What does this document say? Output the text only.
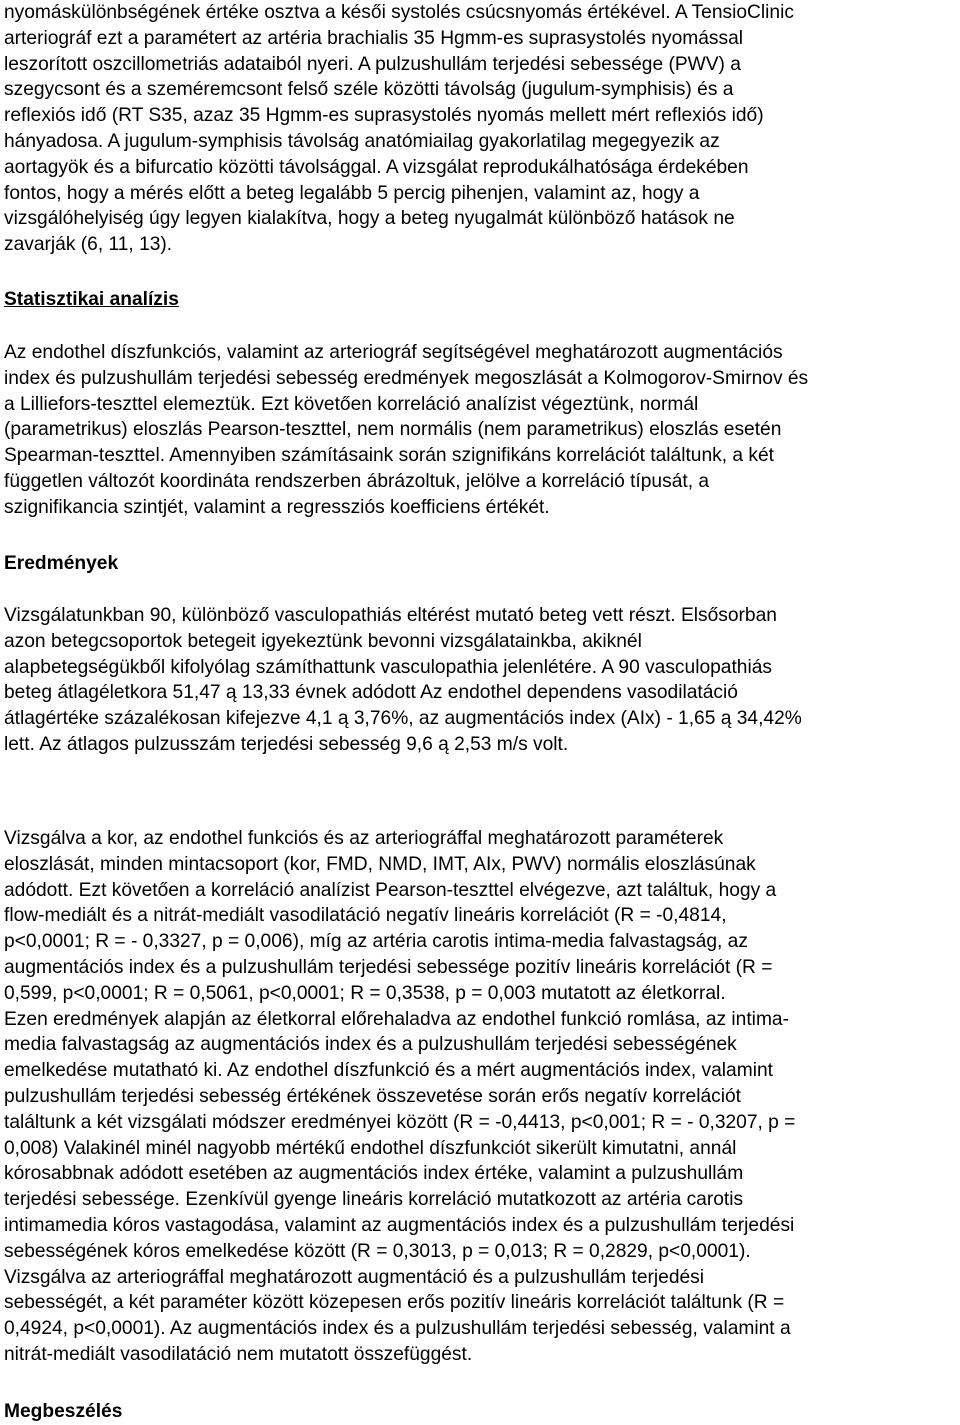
nyomáskülönbségének értéke osztva a késői systolés csúcsnyomás értékével. A TensioClinic
arteriográf ezt a paramétert az artéria brachialis 35 Hgmm-es suprasystolés nyomással
leszorított oszcillometriás adataiból nyeri. A pulzushullám terjedési sebessége (PWV) a
szegycsont és a szeméremcsont felső széle közötti távolság (jugulum-symphisis) és a
reflexiós idő (RT S35, azaz 35 Hgmm-es suprasystolés nyomás mellett mért reflexiós idő)
hányadosa. A jugulum-symphisis távolság anatómiailag gyakorlatilag megegyezik az
aortagyök és a bifurcatio közötti távolsággal. A vizsgálat reprodukálhatósága érdekében
fontos, hogy a mérés előtt a beteg legalább 5 percig pihenjen, valamint az, hogy a
vizsgálóhelyiség úgy legyen kialakítva, hogy a beteg nyugalmát különböző hatások ne
zavarják (6, 11, 13).
Statisztikai analízis
Az endothel díszfunkciós, valamint az arteriográf segítségével meghatározott augmentációs
index és pulzushullám terjedési sebesség eredmények megoszlását a Kolmogorov-Smirnov és
a Lilliefors-teszttel elemeztük. Ezt követően korreláció analízist végeztünk, normál
(parametrikus) eloszlás Pearson-teszttel, nem normális (nem parametrikus) eloszlás esetén
Spearman-teszttel. Amennyiben számításaink során szignifikáns korrelációt találtunk, a két
független változót koordináta rendszerben ábrázoltuk, jelölve a korreláció típusát, a
szignifikancia szintjét, valamint a regressziós koefficiens értékét.
Eredmények
Vizsgálatunkban 90, különböző vasculopathiás eltérést mutató beteg vett részt. Elsősorban
azon betegcsoportok betegeit igyekeztünk bevonni vizsgálatainkba, akiknél
alapbetegségükből kifolyólag számíthattunk vasculopathia jelenlétére. A 90 vasculopathiás
beteg átlagéletkora 51,47 ą 13,33 évnek adódott Az endothel dependens vasodilatáció
átlagértéke százalékosan kifejezve 4,1 ą 3,76%, az augmentációs index (AIx) - 1,65 ą 34,42%
lett. Az átlagos pulzusszám terjedési sebesség 9,6 ą 2,53 m/s volt.
Vizsgálva a kor, az endothel funkciós és az arteriográffal meghatározott paraméterek
eloszlását, minden mintacsoport (kor, FMD, NMD, IMT, AIx, PWV) normális eloszlásúnak
adódott. Ezt követően a korreláció analízist Pearson-teszttel elvégezve, azt találtuk, hogy a
flow-mediált és a nitrát-mediált vasodilatáció negatív lineáris korrelációt (R = -0,4814,
p<0,0001; R = - 0,3327, p = 0,006), míg az artéria carotis intima-media falvastagság, az
augmentációs index és a pulzushullám terjedési sebessége pozitív lineáris korrelációt (R =
0,599, p<0,0001; R = 0,5061, p<0,0001; R = 0,3538, p = 0,003 mutatott az életkorral.
Ezen eredmények alapján az életkorral előrehaladva az endothel funkció romlása, az intima-
media falvastagság az augmentációs index és a pulzushullám terjedési sebességének
emelkedése mutatható ki. Az endothel díszfunkció és a mért augmentációs index, valamint
pulzushullám terjedési sebesség értékének összevetése során erős negatív korrelációt
találtunk a két vizsgálati módszer eredményei között (R = -0,4413, p<0,001; R = - 0,3207, p =
0,008) Valakinél minél nagyobb mértékű endothel díszfunkciót sikerült kimutatni, annál
kórosabbnak adódott esetében az augmentációs index értéke, valamint a pulzushullám
terjedési sebessége. Ezenkívül gyenge lineáris korreláció mutatkozott az artéria carotis
intimamedia kóros vastagodása, valamint az augmentációs index és a pulzushullám terjedési
sebességének kóros emelkedése között (R = 0,3013, p = 0,013; R = 0,2829, p<0,0001).
Vizsgálva az arteriográffal meghatározott augmentáció és a pulzushullám terjedési
sebességét, a két paraméter között közepesen erős pozitív lineáris korrelációt találtunk (R =
0,4924, p<0,0001). Az augmentációs index és a pulzushullám terjedési sebesség, valamint a
nitrát-mediált vasodilatáció nem mutatott összefüggést.
Megbeszélés
